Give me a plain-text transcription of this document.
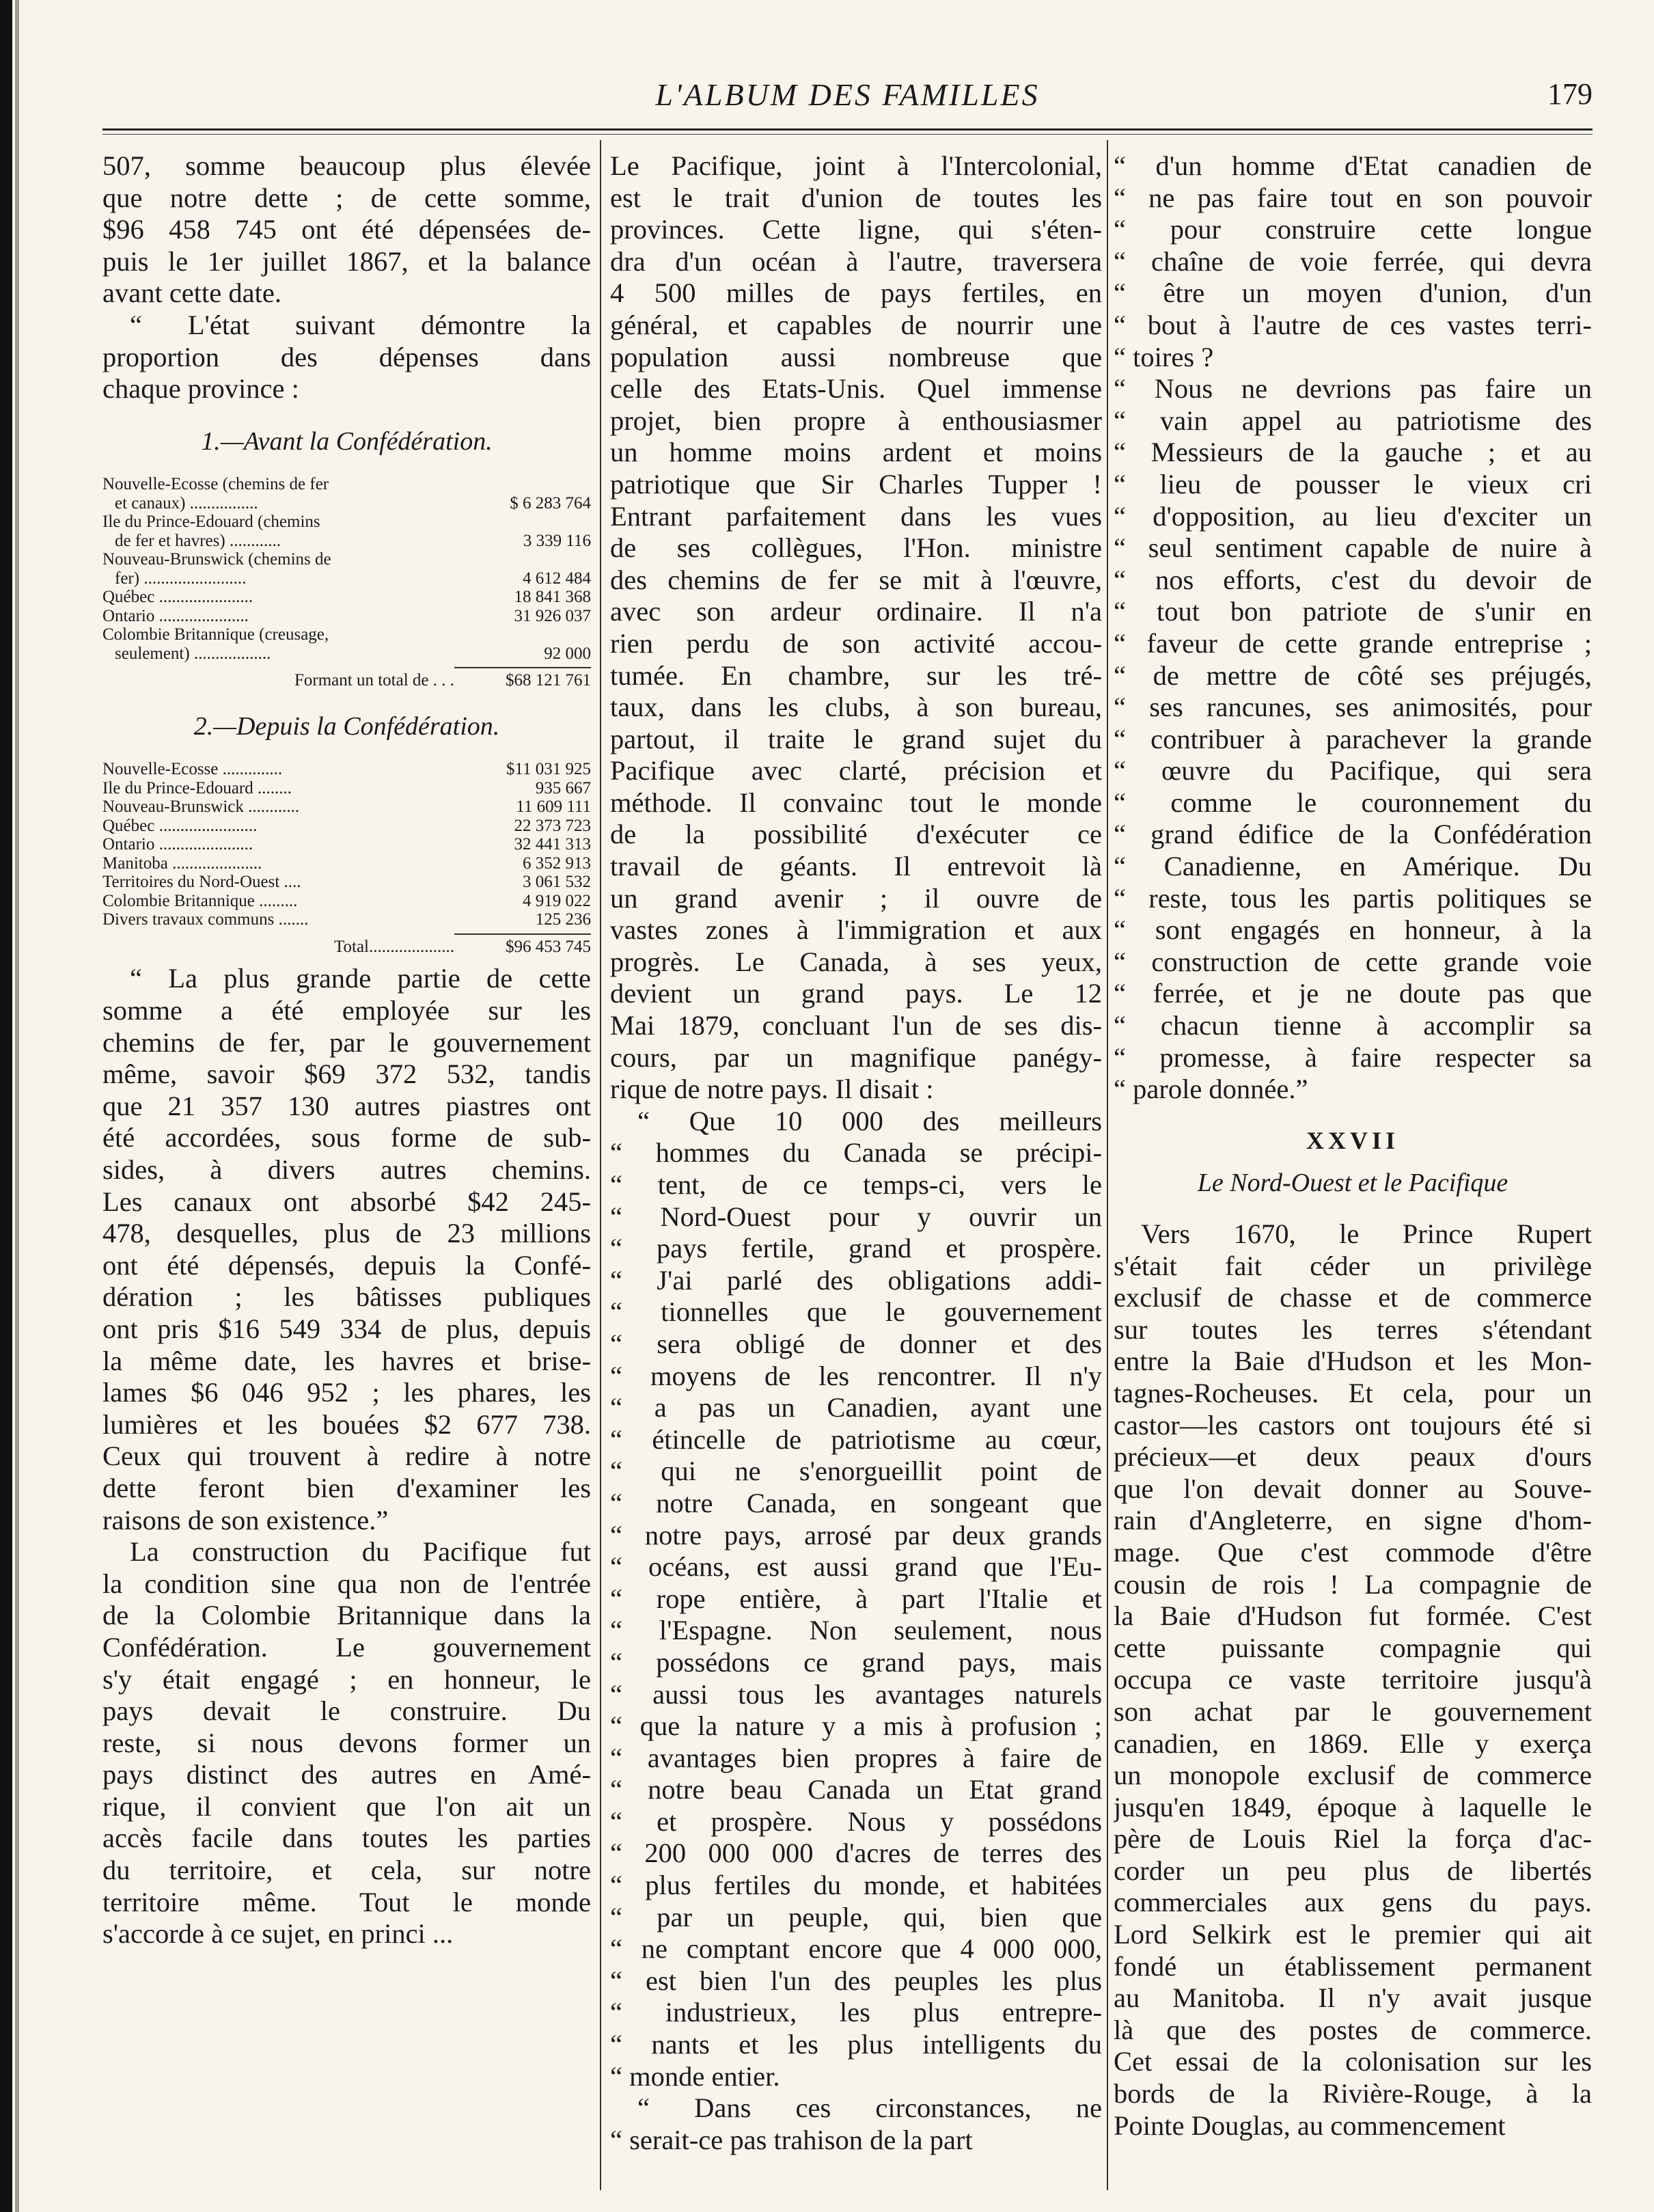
L'ALBUM DES FAMILLES	179
507, somme beaucoup plus élevée
que notre dette ; de cette somme,
$96 458 745 ont été dépensées de-
puis le 1er juillet 1867, et la balance
avant cette date.
“ L'état suivant démontre la
proportion des dépenses dans
chaque province :
1.—Avant la Confédération.
Nouvelle-Ecosse (chemins de fer
et canaux) ................	$ 6 283 764
Ile du Prince-Edouard (chemins
de fer et havres) ............	3 339 116
Nouveau-Brunswick (chemins de
fer) ........................	4 612 484
Québec ......................	18 841 368
Ontario .....................	31 926 037
Colombie Britannique (creusage,
seulement) ..................	92 000
Formant un total de . . .	$68 121 761
2.—Depuis la Confédération.
Nouvelle-Ecosse ..............	$11 031 925
Ile du Prince-Edouard ........	935 667
Nouveau-Brunswick ............	11 609 111
Québec .......................	22 373 723
Ontario ......................	32 441 313
Manitoba .....................	6 352 913
Territoires du Nord-Ouest ....	3 061 532
Colombie Britannique .........	4 919 022
Divers travaux communs .......	125 236
Total....................	$96 453 745
“ La plus grande partie de cette
somme a été employée sur les
chemins de fer, par le gouvernement
même, savoir $69 372 532, tandis
que 21 357 130 autres piastres ont
été accordées, sous forme de sub-
sides, à divers autres chemins.
Les canaux ont absorbé $42 245-
478, desquelles, plus de 23 millions
ont été dépensés, depuis la Confé-
dération ; les bâtisses publiques
ont pris $16 549 334 de plus, depuis
la même date, les havres et brise-
lames $6 046 952 ; les phares, les
lumières et les bouées $2 677 738.
Ceux qui trouvent à redire à notre
dette feront bien d'examiner les
raisons de son existence.”
La construction du Pacifique fut
la condition sine qua non de l'entrée
de la Colombie Britannique dans la
Confédération. Le gouvernement
s'y était engagé ; en honneur, le
pays devait le construire. Du
reste, si nous devons former un
pays distinct des autres en Amé-
rique, il convient que l'on ait un
accès facile dans toutes les parties
du territoire, et cela, sur notre
territoire même. Tout le monde
s'accorde à ce sujet, en princi ...
Le Pacifique, joint à l'Intercolonial,
est le trait d'union de toutes les
provinces. Cette ligne, qui s'éten-
dra d'un océan à l'autre, traversera
4 500 milles de pays fertiles, en
général, et capables de nourrir une
population aussi nombreuse que
celle des Etats-Unis. Quel immense
projet, bien propre à enthousiasmer
un homme moins ardent et moins
patriotique que Sir Charles Tupper !
Entrant parfaitement dans les vues
de ses collègues, l'Hon. ministre
des chemins de fer se mit à l'œuvre,
avec son ardeur ordinaire. Il n'a
rien perdu de son activité accou-
tumée. En chambre, sur les tré-
taux, dans les clubs, à son bureau,
partout, il traite le grand sujet du
Pacifique avec clarté, précision et
méthode. Il convainc tout le monde
de la possibilité d'exécuter ce
travail de géants. Il entrevoit là
un grand avenir ; il ouvre de
vastes zones à l'immigration et aux
progrès. Le Canada, à ses yeux,
devient un grand pays. Le 12
Mai 1879, concluant l'un de ses dis-
cours, par un magnifique panégy-
rique de notre pays. Il disait :
“ Que 10 000 des meilleurs
“ hommes du Canada se précipi-
“ tent, de ce temps-ci, vers le
“ Nord-Ouest pour y ouvrir un
“ pays fertile, grand et prospère.
“ J'ai parlé des obligations addi-
“ tionnelles que le gouvernement
“ sera obligé de donner et des
“ moyens de les rencontrer. Il n'y
“ a pas un Canadien, ayant une
“ étincelle de patriotisme au cœur,
“ qui ne s'enorgueillit point de
“ notre Canada, en songeant que
“ notre pays, arrosé par deux grands
“ océans, est aussi grand que l'Eu-
“ rope entière, à part l'Italie et
“ l'Espagne. Non seulement, nous
“ possédons ce grand pays, mais
“ aussi tous les avantages naturels
“ que la nature y a mis à profusion ;
“ avantages bien propres à faire de
“ notre beau Canada un Etat grand
“ et prospère. Nous y possédons
“ 200 000 000 d'acres de terres des
“ plus fertiles du monde, et habitées
“ par un peuple, qui, bien que
“ ne comptant encore que 4 000 000,
“ est bien l'un des peuples les plus
“ industrieux, les plus entrepre-
“ nants et les plus intelligents du
“ monde entier.
“ Dans ces circonstances, ne
“ serait-ce pas trahison de la part
“ d'un homme d'Etat canadien de
“ ne pas faire tout en son pouvoir
“ pour construire cette longue
“ chaîne de voie ferrée, qui devra
“ être un moyen d'union, d'un
“ bout à l'autre de ces vastes terri-
“ toires ?
“ Nous ne devrions pas faire un
“ vain appel au patriotisme des
“ Messieurs de la gauche ; et au
“ lieu de pousser le vieux cri
“ d'opposition, au lieu d'exciter un
“ seul sentiment capable de nuire à
“ nos efforts, c'est du devoir de
“ tout bon patriote de s'unir en
“ faveur de cette grande entreprise ;
“ de mettre de côté ses préjugés,
“ ses rancunes, ses animosités, pour
“ contribuer à parachever la grande
“ œuvre du Pacifique, qui sera
“ comme le couronnement du
“ grand édifice de la Confédération
“ Canadienne, en Amérique. Du
“ reste, tous les partis politiques se
“ sont engagés en honneur, à la
“ construction de cette grande voie
“ ferrée, et je ne doute pas que
“ chacun tienne à accomplir sa
“ promesse, à faire respecter sa
“ parole donnée.”
XXVII
Le Nord-Ouest et le Pacifique
Vers 1670, le Prince Rupert
s'était fait céder un privilège
exclusif de chasse et de commerce
sur toutes les terres s'étendant
entre la Baie d'Hudson et les Mon-
tagnes-Rocheuses. Et cela, pour un
castor—les castors ont toujours été si
précieux—et deux peaux d'ours
que l'on devait donner au Souve-
rain d'Angleterre, en signe d'hom-
mage. Que c'est commode d'être
cousin de rois ! La compagnie de
la Baie d'Hudson fut formée. C'est
cette puissante compagnie qui
occupa ce vaste territoire jusqu'à
son achat par le gouvernement
canadien, en 1869. Elle y exerça
un monopole exclusif de commerce
jusqu'en 1849, époque à laquelle le
père de Louis Riel la força d'ac-
corder un peu plus de libertés
commerciales aux gens du pays.
Lord Selkirk est le premier qui ait
fondé un établissement permanent
au Manitoba. Il n'y avait jusque
là que des postes de commerce.
Cet essai de la colonisation sur les
bords de la Rivière-Rouge, à la
Pointe Douglas, au commencement
